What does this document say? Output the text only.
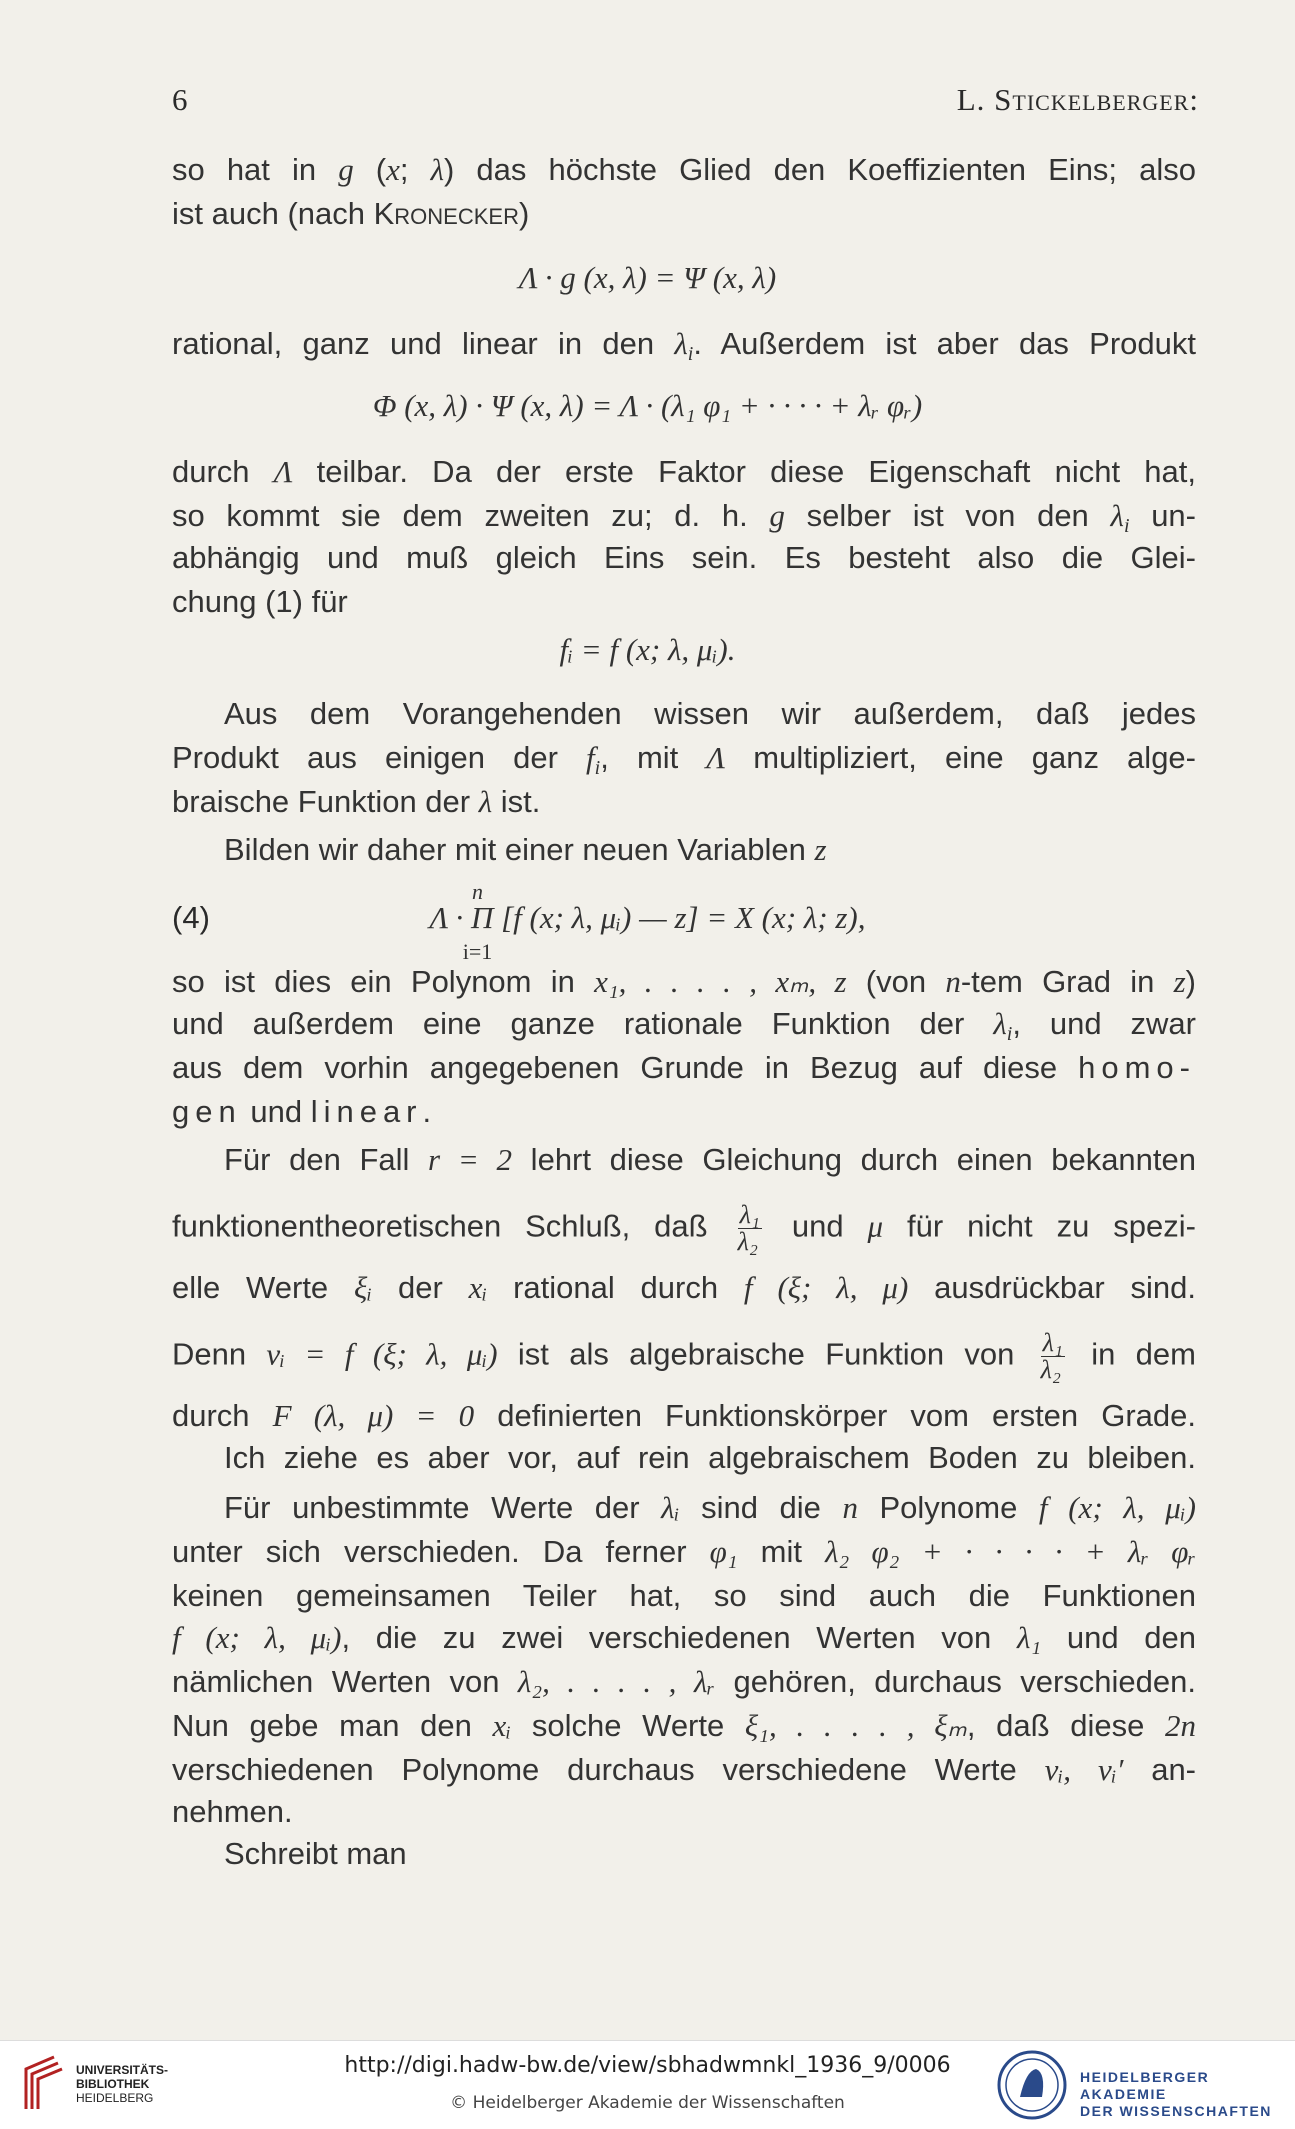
6	L. Stickelberger:
so hat in g (x; λ) das höchste Glied den Koeffizienten Eins; also
ist auch (nach Kronecker)
Λ · g (x, λ) = Ψ (x, λ)
rational, ganz und linear in den $\lambda_i$. Außerdem ist aber das Produkt
Φ (x, λ) · Ψ (x, λ) = Λ · (λ₁ φ₁ + · · · · + λᵣ φᵣ)
durch Λ teilbar. Da der erste Faktor diese Eigenschaft nicht hat,
so kommt sie dem zweiten zu; d. h. g selber ist von den $\lambda_i$ un-
abhängig und muß gleich Eins sein. Es besteht also die Glei-
chung (1) für
fᵢ = f (x; λ, μᵢ).
Aus dem Vorangehenden wissen wir außerdem, daß jedes
Produkt aus einigen der $f_i$, mit Λ multipliziert, eine ganz alge-
braische Funktion der λ ist.
Bilden wir daher mit einer neuen Variablen z
(4)
n
Λ · Π [f (x; λ, μᵢ) — z] = X (x; λ; z),
i=1
so ist dies ein Polynom in x₁, . . . . , xₘ, z (von n-tem Grad in z)
und außerdem eine ganze rationale Funktion der $\lambda_i$, und zwar
aus dem vorhin angegebenen Grunde in Bezug auf diese homo-
gen und linear.
Für den Fall r = 2 lehrt diese Gleichung durch einen bekannten
funktionentheoretischen Schluß, daß $\frac{\text{λ₁}}{\text{λ₂}}$ und μ für nicht zu spezi-
elle Werte ξᵢ der xᵢ rational durch f (ξ; λ, μ) ausdrückbar sind.
Denn νᵢ = f (ξ; λ, μᵢ) ist als algebraische Funktion von $\frac{\text{λ₁}}{\text{λ₂}}$ in dem
durch F (λ, μ) = 0 definierten Funktionskörper vom ersten Grade.
Ich ziehe es aber vor, auf rein algebraischem Boden zu bleiben.
Für unbestimmte Werte der λᵢ sind die n Polynome f (x; λ, μᵢ)
unter sich verschieden. Da ferner φ₁ mit λ₂ φ₂ + · · · · + λᵣ φᵣ
keinen gemeinsamen Teiler hat, so sind auch die Funktionen
f (x; λ, μᵢ), die zu zwei verschiedenen Werten von λ₁ und den
nämlichen Werten von λ₂, . . . . , λᵣ gehören, durchaus verschieden.
Nun gebe man den xᵢ solche Werte ξ₁, . . . . , ξₘ, daß diese 2n
verschiedenen Polynome durchaus verschiedene Werte νᵢ, νᵢ′ an-
nehmen.
Schreibt man
UNIVERSITÄTS-
BIBLIOTHEK
HEIDELBERG
http://digi.hadw-bw.de/view/sbhadwmnkl_1936_9/0006
© Heidelberger Akademie der Wissenschaften
HEIDELBERGER AKADEMIE
DER WISSENSCHAFTEN
